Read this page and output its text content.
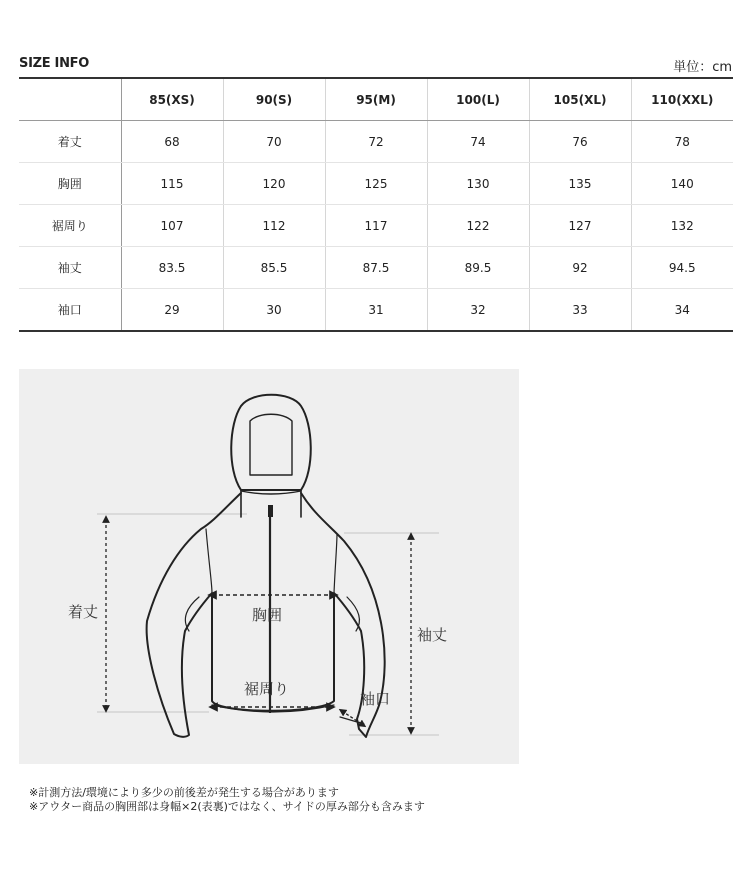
SIZE INFO	単位：cm
	85(XS)	90(S)	95(M)	100(L)	105(XL)	110(XXL)
着丈	68	70	72	74	76	78
胸囲	115	120	125	130	135	140
裾周り	107	112	117	122	127	132
袖丈	83.5	85.5	87.5	89.5	92	94.5
袖口	29	30	31	32	33	34
着丈	胸囲
裾周り
袖丈
袖口
※計測方法/環境により多少の前後差が発生する場合があります
※アウター商品の胸囲部は身幅×2(表裏)ではなく、サイドの厚み部分も含みます
